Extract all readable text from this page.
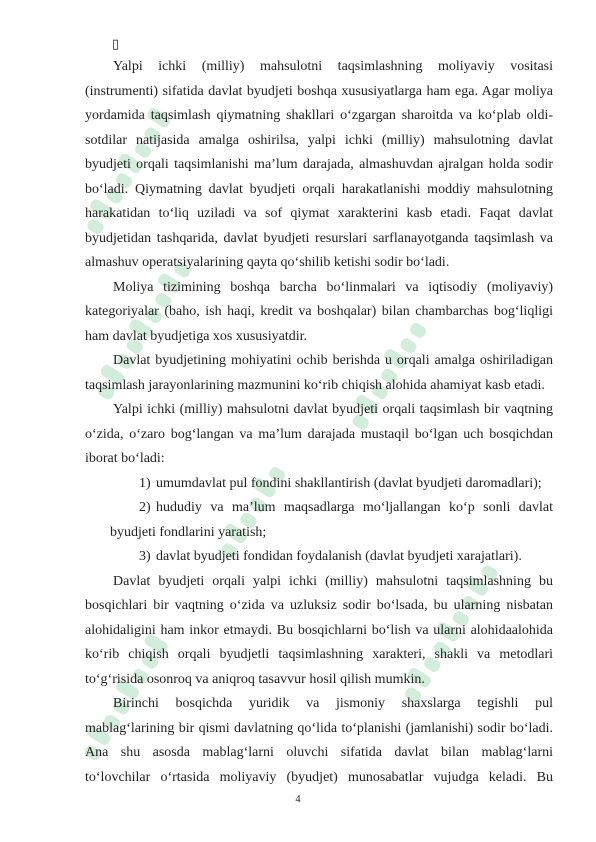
▯
Yalpi ichki (milliy) mahsulotni taqsimlashning moliyaviy vositasi
(instrumenti) sifatida davlat byudjeti boshqa xususiyatlarga ham ega. Agar moliya
yordamida taqsimlash qiymatning shakllari o‘zgargan sharoitda va ko‘plab oldi-
sotdilar natijasida amalga oshirilsa, yalpi ichki (milliy) mahsulotning davlat
byudjeti orqali taqsimlanishi ma’lum darajada, almashuvdan ajralgan holda sodir
bo‘ladi. Qiymatning davlat byudjeti orqali harakatlanishi moddiy mahsulotning
harakatidan to‘liq uziladi va sof qiymat xarakterini kasb etadi. Faqat davlat
byudjetidan tashqarida, davlat byudjeti resurslari sarflanayotganda taqsimlash va
almashuv operatsiyalarining qayta qo‘shilib ketishi sodir bo‘ladi.
Moliya tizimining boshqa barcha bo‘linmalari va iqtisodiy (moliyaviy)
kategoriyalar (baho, ish haqi, kredit va boshqalar) bilan chambarchas bog‘liqligi
ham davlat byudjetiga xos xususiyatdir.
Davlat byudjetining mohiyatini ochib berishda u orqali amalga oshiriladigan
taqsimlash jarayonlarining mazmunini ko‘rib chiqish alohida ahamiyat kasb etadi.
Yalpi ichki (milliy) mahsulotni davlat byudjeti orqali taqsimlash bir vaqtning
o‘zida, o‘zaro bog‘langan va ma’lum darajada mustaqil bo‘lgan uch bosqichdan
iborat bo‘ladi:
1) umumdavlat pul fondini shakllantirish (davlat byudjeti daromadlari);
2) hududiy va ma’lum maqsadlarga mo‘ljallangan ko‘p sonli davlat
byudjeti fondlarini yaratish;
3) davlat byudjeti fondidan foydalanish (davlat byudjeti xarajatlari).
Davlat byudjeti orqali yalpi ichki (milliy) mahsulotni taqsimlashning bu
bosqichlari bir vaqtning o‘zida va uzluksiz sodir bo‘lsada, bu ularning nisbatan
alohidaligini ham inkor etmaydi. Bu bosqichlarni bo‘lish va ularni alohidaalohida
ko‘rib chiqish orqali byudjetli taqsimlashning xarakteri, shakli va metodlari
to‘g‘risida osonroq va aniqroq tasavvur hosil qilish mumkin.
Birinchi bosqichda yuridik va jismoniy shaxslarga tegishli pul
mablag‘larining bir qismi davlatning qo‘lida to‘planishi (jamlanishi) sodir bo‘ladi.
Ana shu asosda mablag‘larni oluvchi sifatida davlat bilan mablag‘larni
to‘lovchilar o‘rtasida moliyaviy (byudjet) munosabatlar vujudga keladi. Bu
4
